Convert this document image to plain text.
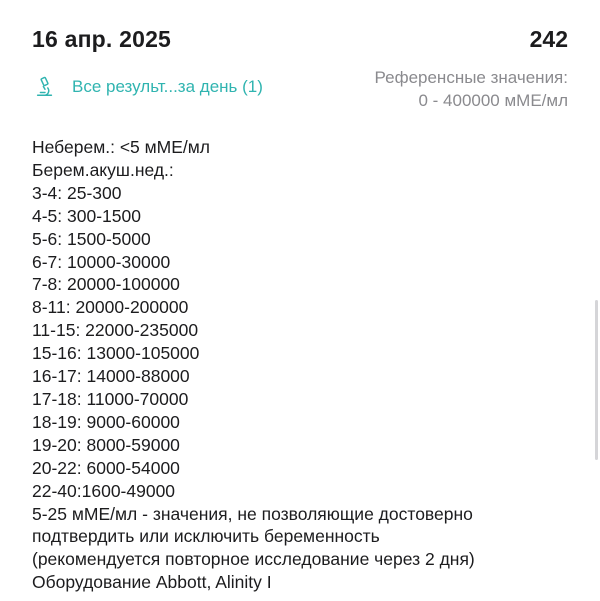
16 апр. 2025	242
Все результ...за день (1)	Референсные значения:
0 - 400000 мМЕ/мл
Неберем.: <5 мМЕ/мл
Берем.акуш.нед.:
3-4: 25-300
4-5: 300-1500
5-6: 1500-5000
6-7: 10000-30000
7-8: 20000-100000
8-11: 20000-200000
11-15: 22000-235000
15-16: 13000-105000
16-17: 14000-88000
17-18: 11000-70000
18-19: 9000-60000
19-20: 8000-59000
20-22: 6000-54000
22-40:1600-49000
5-25 мМЕ/мл - значения, не позволяющие достоверно
подтвердить или исключить беременность
(рекомендуется повторное исследование через 2 дня)
Оборудование Abbott, Alinity I
